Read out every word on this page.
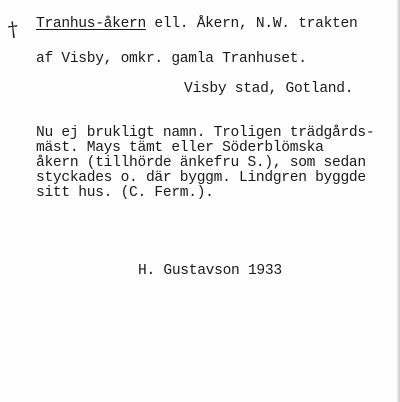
† Tranhus-åkern ell. Åkern, N.W. trakten
af Visby, omkr. gamla Tranhuset.
Visby stad, Gotland.
Nu ej brukligt namn. Troligen trädgårds-
mäst. Mays tämt eller Söderblömska
åkern (tillhörde änkefru S.), som sedan
styckades o. där byggm. Lindgren byggde
sitt hus. (C. Ferm.).
H. Gustavson 1933
